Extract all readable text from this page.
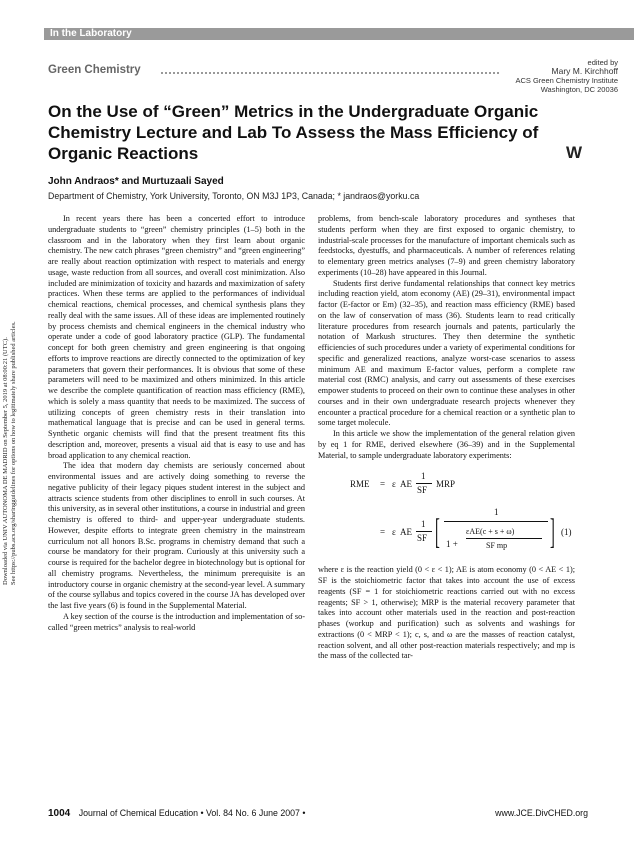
In the Laboratory
edited by
Mary M. Kirchhoff
ACS Green Chemistry Institute
Washington, DC 20036
Green Chemistry
On the Use of “Green” Metrics in the Undergraduate Organic Chemistry Lecture and Lab To Assess the Mass Efficiency of Organic Reactions	W
John Andraos* and Murtuzaali Sayed
Department of Chemistry, York University, Toronto, ON M3J 1P3, Canada; * jandraos@yorku.ca
Downloaded via UNIV AUTONOMA DE MADRID on September 5, 2019 at 08:00:21 (UTC). See https://pubs.acs.org/sharingguidelines for options on how to legitimately share published articles.

In recent years there has been a concerted effort to introduce undergraduate students to “green” chemistry principles (1–5) both in the classroom and in the laboratory when they first learn about organic chemistry. The new catch phrases “green chemistry” and “green engineering” are really about reaction optimization with respect to materials and energy usage, waste reduction from all sources, and overall cost minimization. Also included are minimization of toxicity and hazards and maximization of safety practices. When these terms are applied to the performances of individual chemical reactions, chemical processes, and chemical synthesis plans they really deal with the same issues. All of these ideas are implemented routinely by process chemists and chemical engineers in the chemical industry who operate under a code of good laboratory practice (GLP). The fundamental concept for both green chemistry and green engineering is that ongoing efforts to improve reactions are directly connected to the optimization of key parameters that govern their performances. It is obvious that some of these parameters will need to be maximized and others minimized. In this article we describe the complete quantification of reaction mass efficiency (RME), which is solely a mass quantity that needs to be maximized. The success of utilizing concepts of green chemistry rests in their translation into mathematical language that is precise and can be used in general terms. Synthetic organic chemists will find that the present treatment fits this description and, moreover, presents a visual aid that is easy to use and has broad application to any chemical reaction.

The idea that modern day chemists are seriously concerned about environmental issues and are actively doing something to reverse the negative publicity of their legacy piques student interest in the subject and attracts science students from other disciplines to enroll in such courses. At this university, as in several other institutions, a course in industrial and green chemistry is offered to third- and upper-year undergraduate students. However, despite efforts to integrate green chemistry in the mainstream curriculum not all honors B.Sc. programs in chemistry demand that such a course be mandatory for their program. Curiously at this university such a course is required for the bachelor degree in biotechnology but is optional for all chemistry programs. Nevertheless, the minimum prerequisite is an introductory course in organic chemistry at the second-year level. A summary of the course syllabus and topics covered in the course JA has developed over the last five years (6) is found in the Supplemental Material.

A key section of the course is the introduction and implementation of so-called “green metrics” analysis to real-world

problems, from bench-scale laboratory procedures and syntheses that students perform when they are first exposed to organic chemistry, to industrial-scale processes for the manufacture of important chemicals such as feedstocks, dyestuffs, and pharmaceuticals. A number of references relating to elementary green metrics analyses (7–9) and green chemistry laboratory experiments (10–28) have appeared in this Journal.

Students first derive fundamental relationships that connect key metrics including reaction yield, atom economy (AE) (29–31), environmental impact factor (E-factor or Em) (32–35), and reaction mass efficiency (RME) based on the law of conservation of mass (36). Students learn to read critically literature procedures from research journals and patents, particularly the notation of Markush structures. They then determine the synthetic efficiencies of such procedures under a variety of experimental conditions for specific and generalized reactions, analyze worst-case scenarios to assess minimum AE and maximum E-factor values, perform a complete raw material cost (RMC) analysis, and carry out assessments of these exercises empower students to proceed on their own to continue these analyses in other courses and in their own undergraduate research projects whenever they encounter a practical procedure for a chemical reaction or a synthetic plan to some target molecule.

In this article we show the implementation of the general relation given by eq 1 for RME, derived elsewhere (36–39) and in the Supplemental Material, to sample undergraduate laboratory experiments:

RME = ε AE
1
SF
MRP
= ε AE
1
SF [	1
1 +
εAE(c + s + ω)
SF mp ] (1)

where ε is the reaction yield (0 < ε < 1); AE is atom economy (0 < AE < 1); SF is the stoichiometric factor that takes into account the use of excess reagents (SF = 1 for stoichiometric reactions carried out with no excess reagents; SF > 1, otherwise); MRP is the material recovery parameter that takes into account other materials used in the reaction and post-reaction phases (workup and purification) such as solvents and washings for extractions (0 < MRP < 1); c, s, and ω are the masses of reaction catalyst, reaction solvent, and all other post-reaction materials respectively; and mp is the mass of the collected tar-

1004 Journal of Chemical Education • Vol. 84 No. 6 June 2007 •	www.JCE.DivCHED.org
